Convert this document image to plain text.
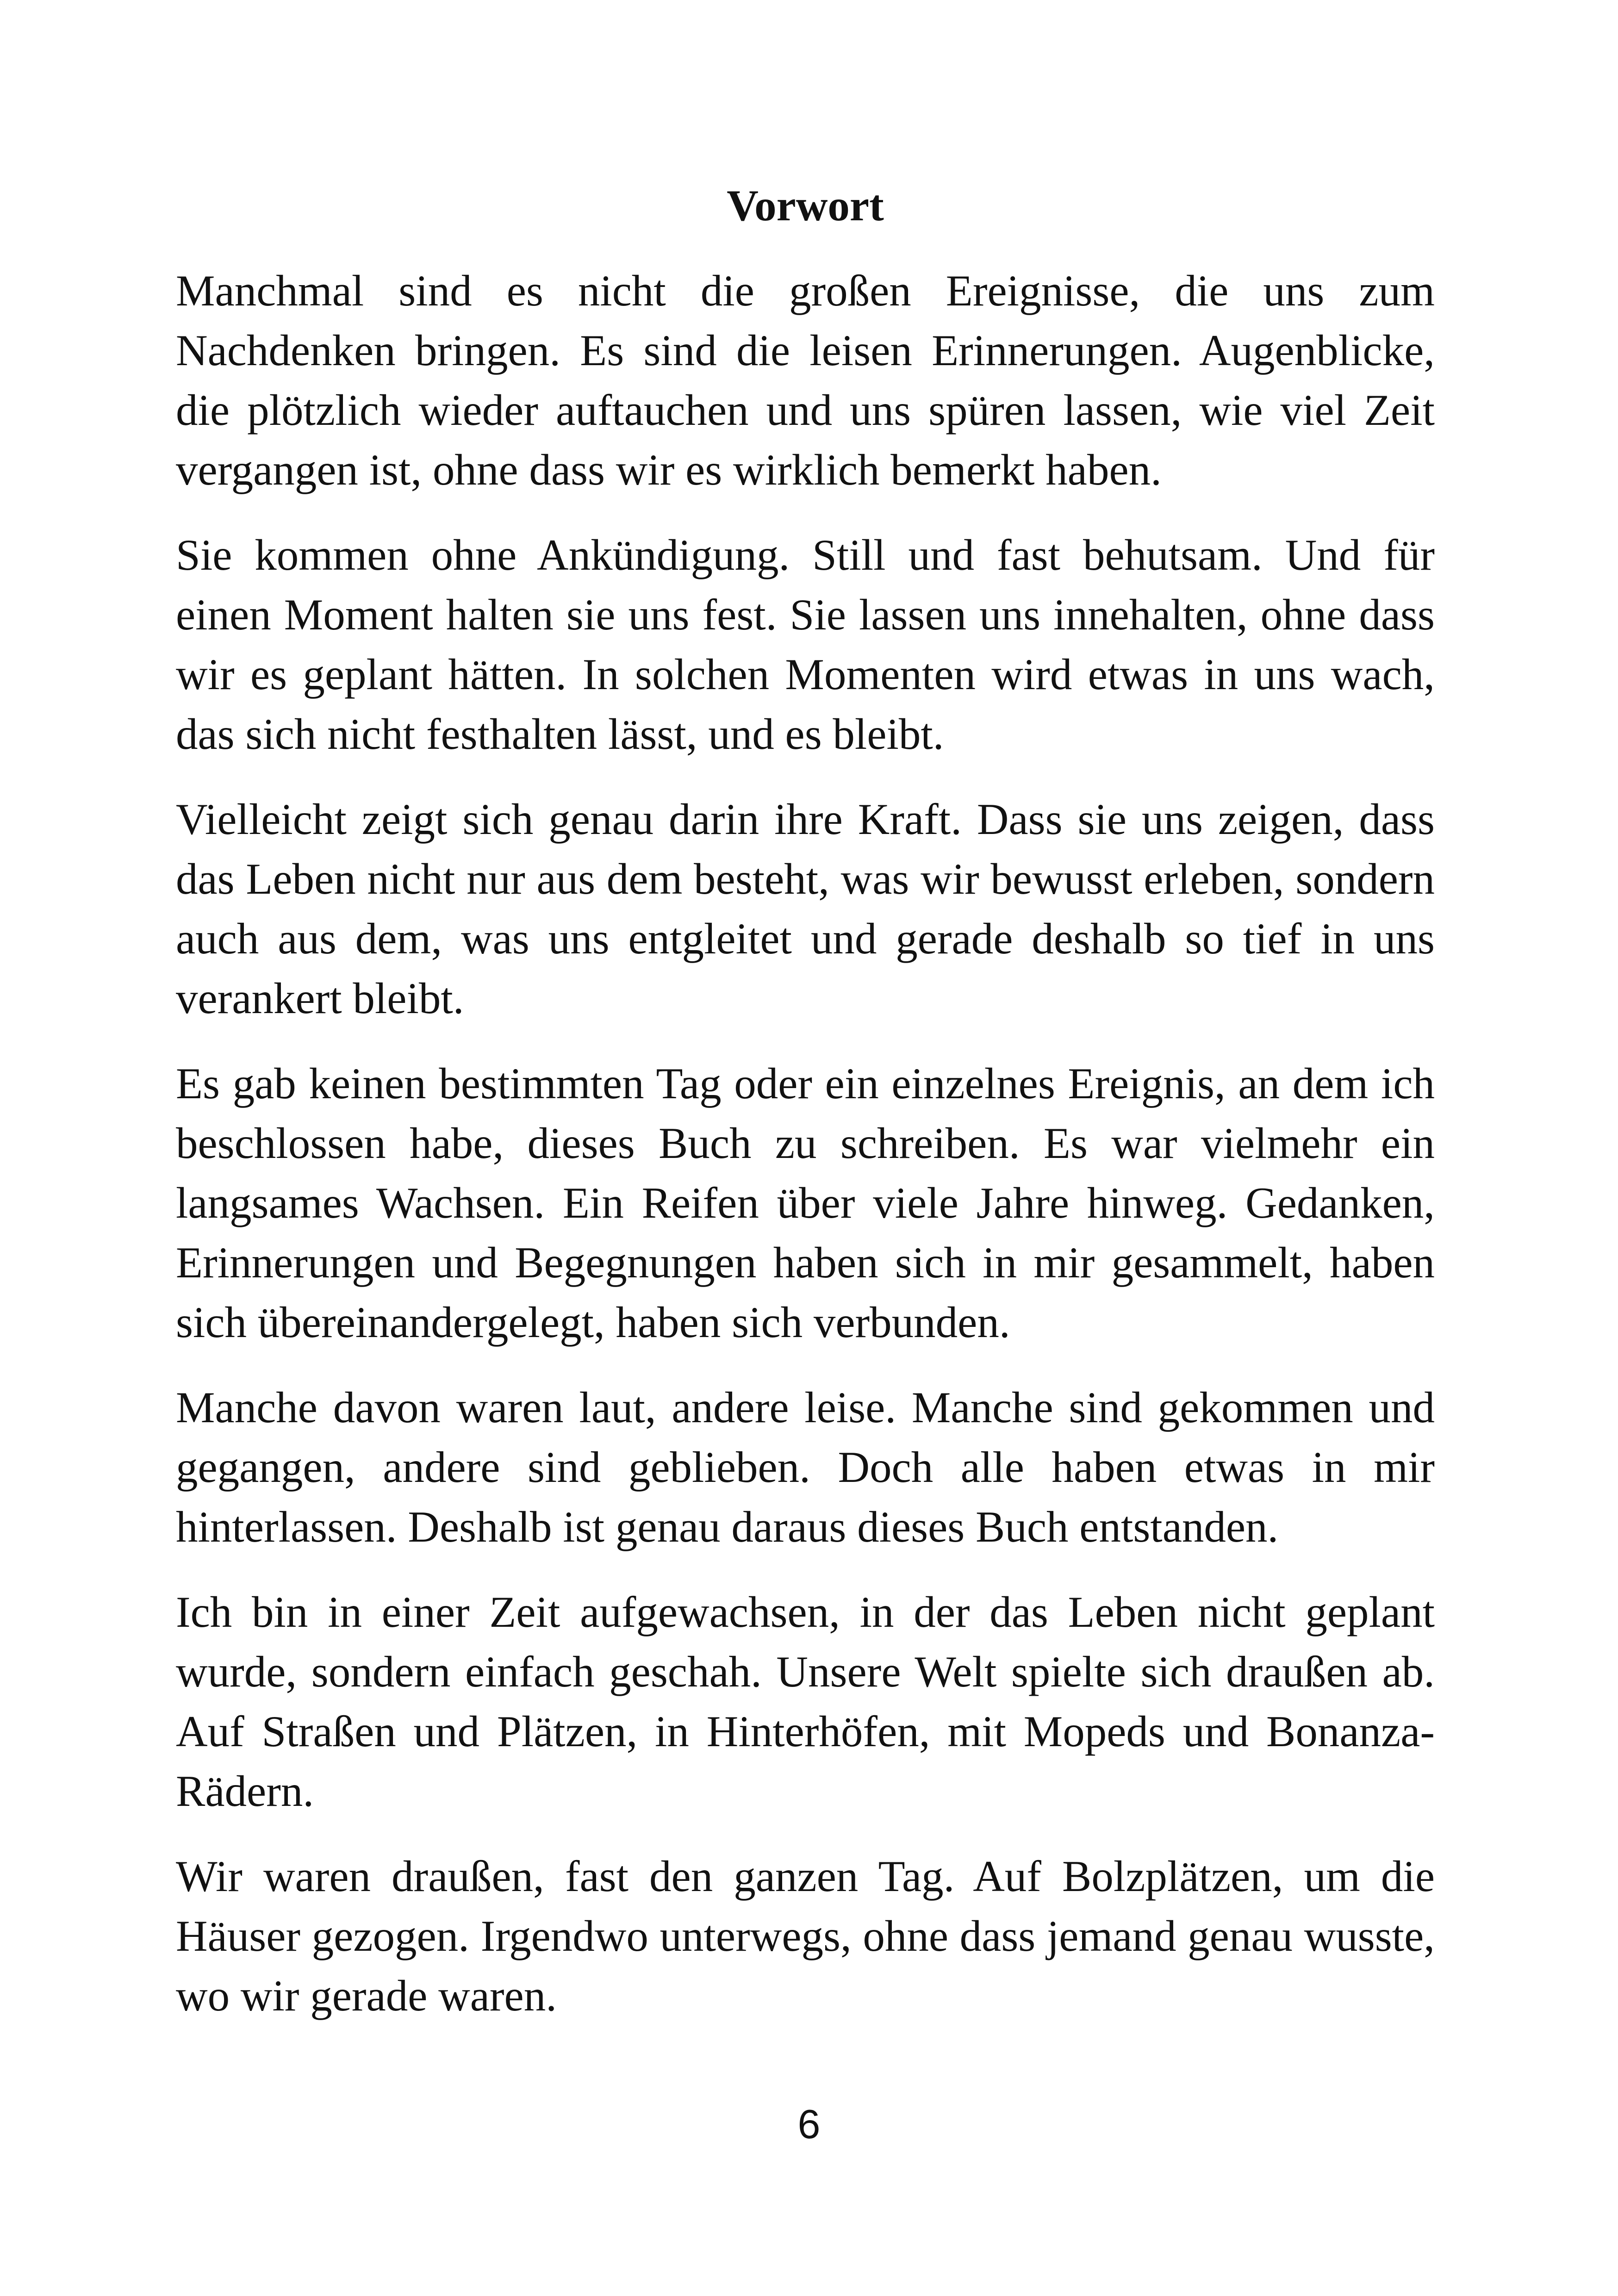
Vorwort

Manchmal sind es nicht die großen Ereignisse, die uns zum Nachdenken bringen. Es sind die leisen Erinnerungen. Augenblicke, die plötzlich wieder auftauchen und uns spüren lassen, wie viel Zeit vergangen ist, ohne dass wir es wirklich bemerkt haben.

Sie kommen ohne Ankündigung. Still und fast behutsam. Und für einen Moment halten sie uns fest. Sie lassen uns innehalten, ohne dass wir es geplant hätten. In solchen Momenten wird etwas in uns wach, das sich nicht festhalten lässt, und es bleibt.

Vielleicht zeigt sich genau darin ihre Kraft. Dass sie uns zeigen, dass das Leben nicht nur aus dem besteht, was wir bewusst erleben, sondern auch aus dem, was uns entgleitet und gerade deshalb so tief in uns verankert bleibt.

Es gab keinen bestimmten Tag oder ein einzelnes Ereignis, an dem ich beschlossen habe, dieses Buch zu schreiben. Es war vielmehr ein langsames Wachsen. Ein Reifen über viele Jahre hinweg. Gedanken, Erinnerungen und Begegnungen haben sich in mir gesammelt, haben sich übereinandergelegt, haben sich verbunden.

Manche davon waren laut, andere leise. Manche sind gekommen und gegangen, andere sind geblieben. Doch alle haben etwas in mir hinterlassen. Deshalb ist genau daraus dieses Buch entstanden.

Ich bin in einer Zeit aufgewachsen, in der das Leben nicht geplant wurde, sondern einfach geschah. Unsere Welt spielte sich draußen ab. Auf Straßen und Plätzen, in Hinterhöfen, mit Mopeds und Bonanza-Rädern.

Wir waren draußen, fast den ganzen Tag. Auf Bolzplätzen, um die Häuser gezogen. Irgendwo unterwegs, ohne dass jemand genau wusste, wo wir gerade waren.

6
